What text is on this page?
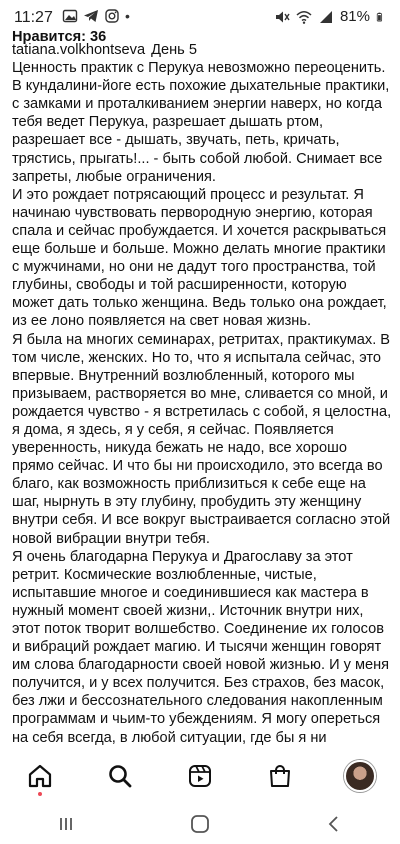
11:27	•	81%
Нравится: 36
tatiana.volkhontseva День 5

Ценность практик с Перукуа невозможно переоценить.

В кундалини-йоге есть похожие дыхательные практики, с замками и проталкиванием энергии наверх, но когда тебя ведет Перукуа, разрешает дышать ртом, разрешает все - дышать, звучать, петь, кричать, трястись, прыгать!... - быть собой любой. Снимает все запреты, любые ограничения.

И это рождает потрясающий процесс и результат. Я начинаю чувствовать первородную энергию, которая спала и сейчас пробуждается. И хочется раскрываться еще больше и больше. Можно делать многие практики с мужчинами, но они не дадут того пространства, той глубины, свободы и той расширенности, которую может дать только женщина. Ведь только она рождает, из ее лоно появляется на свет новая жизнь.

Я была на многих семинарах, ретритах, практикумах. В том числе, женских. Но то, что я испытала сейчас, это впервые. Внутренний возлюбленный, которого мы призываем, растворяется во мне, сливается со мной, и рождается чувство - я встретилась с собой, я целостна, я дома, я здесь, я у себя, я сейчас. Появляется уверенность, никуда бежать не надо, все хорошо прямо сейчас. И что бы ни происходило, это всегда во благо, как возможность приблизиться к себе еще на шаг, нырнуть в эту глубину, пробудить эту женщину внутри себя. И все вокруг выстраивается согласно этой новой вибрации внутри тебя.

Я очень благодарна Перукуа и Драгославу за этот ретрит. Космические возлюбленные, чистые, испытавшие многое и соединившиеся как мастера в нужный момент своей жизни,. Источник внутри них, этот поток творит волшебство. Соединение их голосов и вибраций рождает магию. И тысячи женщин говорят им слова благодарности своей новой жизнью. И у меня получится, и у всех получится. Без страхов, без масок, без лжи и бессознательного следования накопленным программам и чьим-то убеждениям. Я могу опереться на себя всегда, в любой ситуации, где бы я ни
